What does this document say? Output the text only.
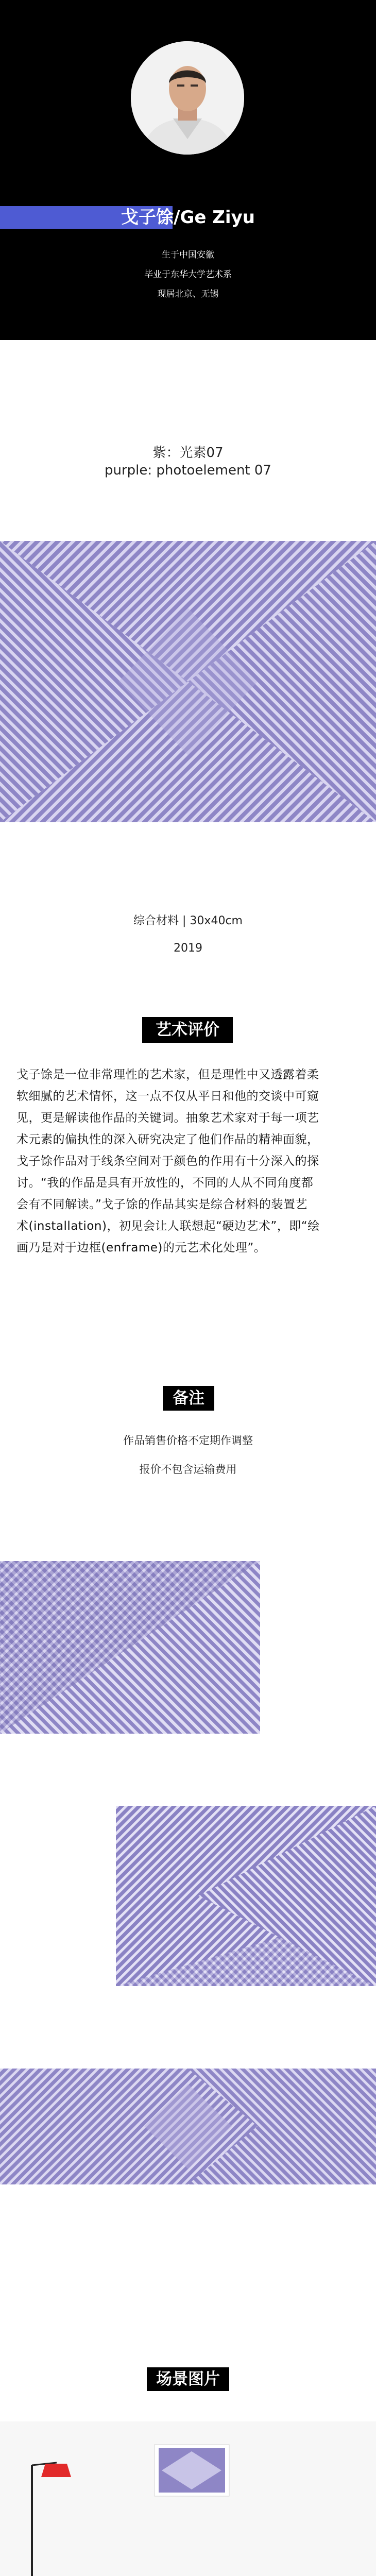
戈子馀/Ge Ziyu
生于中国安徽
毕业于东华大学艺术系
现居北京、无锡
紫：光素07
purple: photoelement 07
综合材料 | 30x40cm
2019
艺术评价
戈子馀是一位非常理性的艺术家，但是理性中又透露着柔
软细腻的艺术情怀，这一点不仅从平日和他的交谈中可窥
见，更是解读他作品的关键词。抽象艺术家对于每一项艺
术元素的偏执性的深入研究决定了他们作品的精神面貌，
戈子馀作品对于线条空间对于颜色的作用有十分深入的探
讨。“我的作品是具有开放性的，不同的人从不同角度都
会有不同解读。”戈子馀的作品其实是综合材料的装置艺
术(installation)，初见会让人联想起“硬边艺术”，即“绘
画乃是对于边框(enframe)的元艺术化处理”。
备注
作品销售价格不定期作调整
报价不包含运输费用
场景图片
